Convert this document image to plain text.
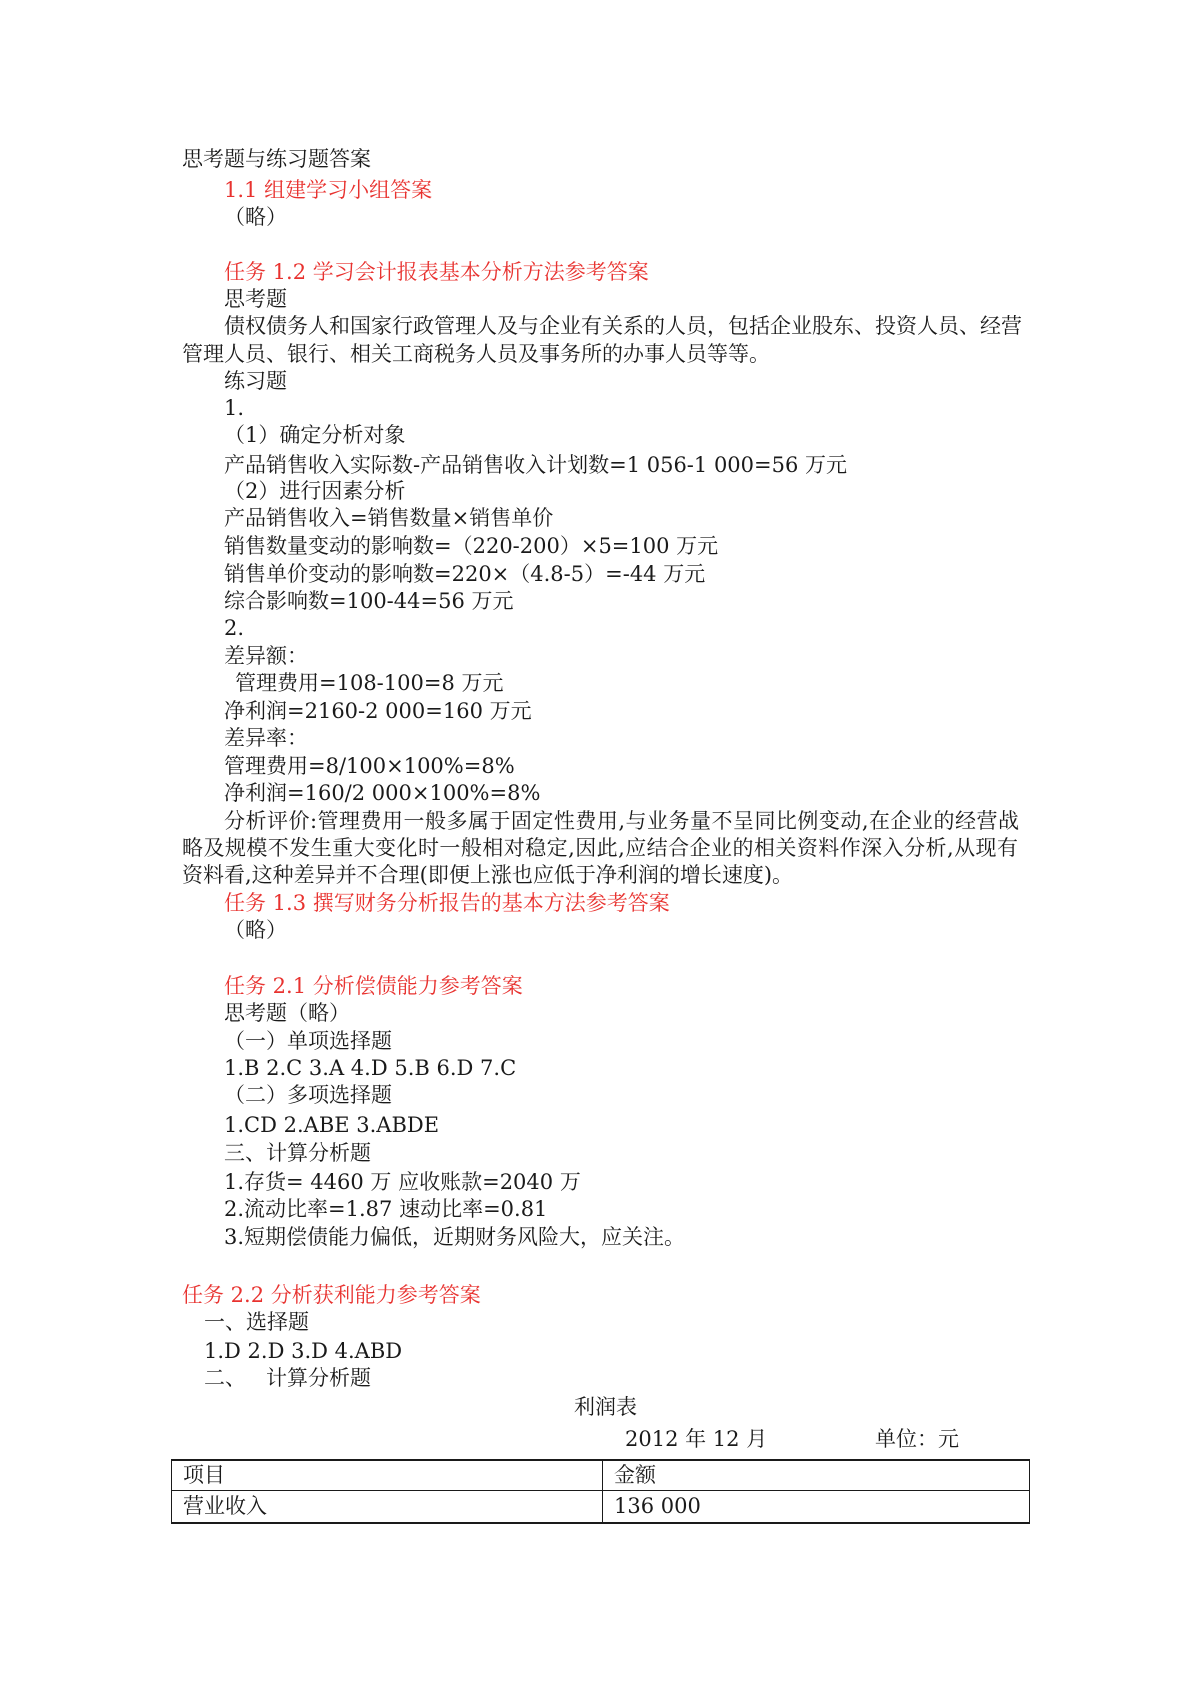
思考题与练习题答案
1.1 组建学习小组答案
（略）
任务 1.2 学习会计报表基本分析方法参考答案
思考题
债权债务人和国家行政管理人及与企业有关系的人员，包括企业股东、投资人员、经营
管理人员、银行、相关工商税务人员及事务所的办事人员等等。
练习题
1.
（1）确定分析对象
产品销售收入实际数-产品销售收入计划数=1 056-1 000=56 万元
（2）进行因素分析
产品销售收入=销售数量×销售单价
销售数量变动的影响数=（220-200）×5=100 万元
销售单价变动的影响数=220×（4.8-5）=-44 万元
综合影响数=100-44=56 万元
2.
差异额：
管理费用=108-100=8 万元
净利润=2160-2 000=160 万元
差异率：
管理费用=8/100×100%=8%
净利润=160/2 000×100%=8%
分析评价:管理费用一般多属于固定性费用,与业务量不呈同比例变动,在企业的经营战
略及规模不发生重大变化时一般相对稳定,因此,应结合企业的相关资料作深入分析,从现有
资料看,这种差异并不合理(即便上涨也应低于净利润的增长速度)。
任务 1.3 撰写财务分析报告的基本方法参考答案
（略）
任务 2.1 分析偿债能力参考答案
思考题（略）
（一）单项选择题
1.B 2.C 3.A 4.D 5.B 6.D 7.C
（二）多项选择题
1.CD 2.ABE 3.ABDE
三、计算分析题
1.存货= 4460 万 应收账款=2040 万
2.流动比率=1.87 速动比率=0.81
3.短期偿债能力偏低，近期财务风险大，应关注。
任务 2.2 分析获利能力参考答案
一、选择题
1.D 2.D 3.D 4.ABD
二、   计算分析题
利润表
2012 年 12 月	单位：元
项目	金额
营业收入	136 000
